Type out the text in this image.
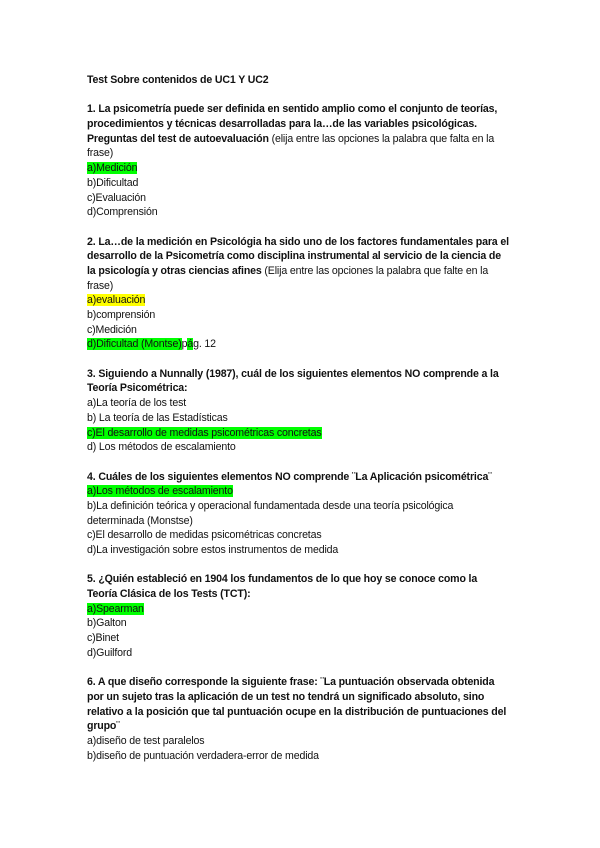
Test Sobre contenidos de UC1 Y UC2
1. La psicometría puede ser definida en sentido amplio como el conjunto de teorías,
procedimientos y técnicas desarrolladas para la…de las variables psicológicas.
Preguntas del test de autoevaluación (elija entre las opciones la palabra que falta en la
frase)
a)Medición
b)Dificultad
c)Evaluación
d)Comprensión
2. La…de la medición en Psicológia ha sido uno de los factores fundamentales para el
desarrollo de la Psicometría como disciplina instrumental al servicio de la ciencia de
la psicología y otras ciencias afines (Elija entre las opciones la palabra que falte en la
frase)
a)evaluación
b)comprensión
c)Medición
d)Dificultad (Montse)pág. 12
3. Siguiendo a Nunnally (1987), cuál de los siguientes elementos NO comprende a la
Teoría Psicométrica:
a)La teoría de los test
b) La teoría de las Estadísticas
c)El desarrollo de medidas psicométricas concretas
d) Los métodos de escalamiento
4. Cuáles de los siguientes elementos NO comprende ¨La Aplicación psicométrica¨
a)Los métodos de escalamiento
b)La definición teórica y operacional fundamentada desde una teoría psicológica
determinada (Monstse)
c)El desarrollo de medidas psicométricas concretas
d)La investigación sobre estos instrumentos de medida
5. ¿Quién estableció en 1904 los fundamentos de lo que hoy se conoce como la
Teoría Clásica de los Tests (TCT):
a)Spearman
b)Galton
c)Binet
d)Guilford
6. A que diseño corresponde la siguiente frase: ¨La puntuación observada obtenida
por un sujeto tras la aplicación de un test no tendrá un significado absoluto, sino
relativo a la posición que tal puntuación ocupe en la distribución de puntuaciones del
grupo¨
a)diseño de test paralelos
b)diseño de puntuación verdadera-error de medida
